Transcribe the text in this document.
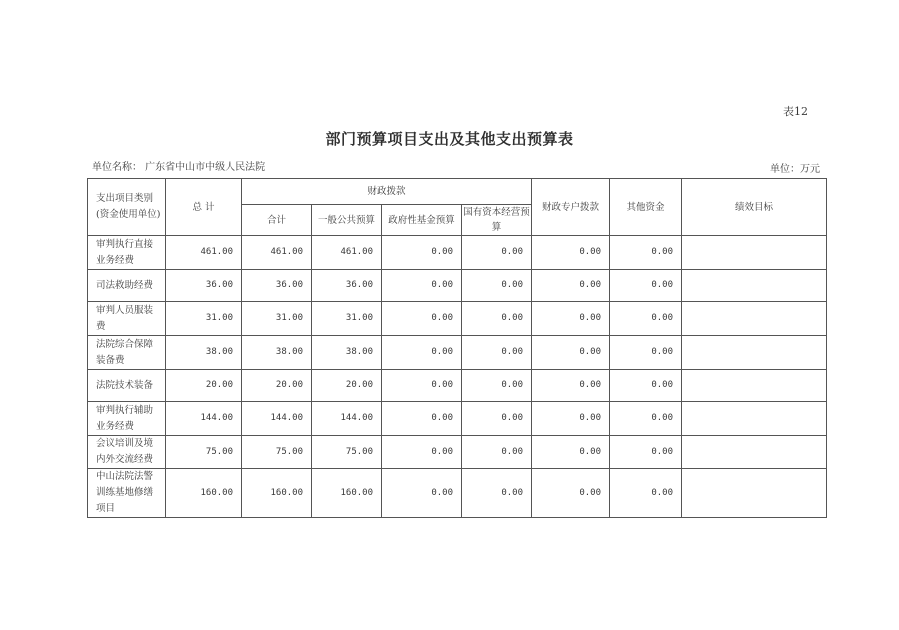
表12
部门预算项目支出及其他支出预算表
单位名称： 广东省中山市中级人民法院	单位：万元
支出项目类别(资金使用单位)	总 计	财政拨款				财政专户拨款	其他资金	绩效目标
		合计	一般公共预算	政府性基金预算	国有资本经营预算			
审判执行直接业务经费	461.00	461.00	461.00	0.00	0.00	0.00	0.00	
司法救助经费	36.00	36.00	36.00	0.00	0.00	0.00	0.00	
审判人员服装费	31.00	31.00	31.00	0.00	0.00	0.00	0.00	
法院综合保障装备费	38.00	38.00	38.00	0.00	0.00	0.00	0.00	
法院技术装备	20.00	20.00	20.00	0.00	0.00	0.00	0.00	
审判执行辅助业务经费	144.00	144.00	144.00	0.00	0.00	0.00	0.00	
会议培训及境内外交流经费	75.00	75.00	75.00	0.00	0.00	0.00	0.00	
中山法院法警训练基地修缮项目	160.00	160.00	160.00	0.00	0.00	0.00	0.00	
